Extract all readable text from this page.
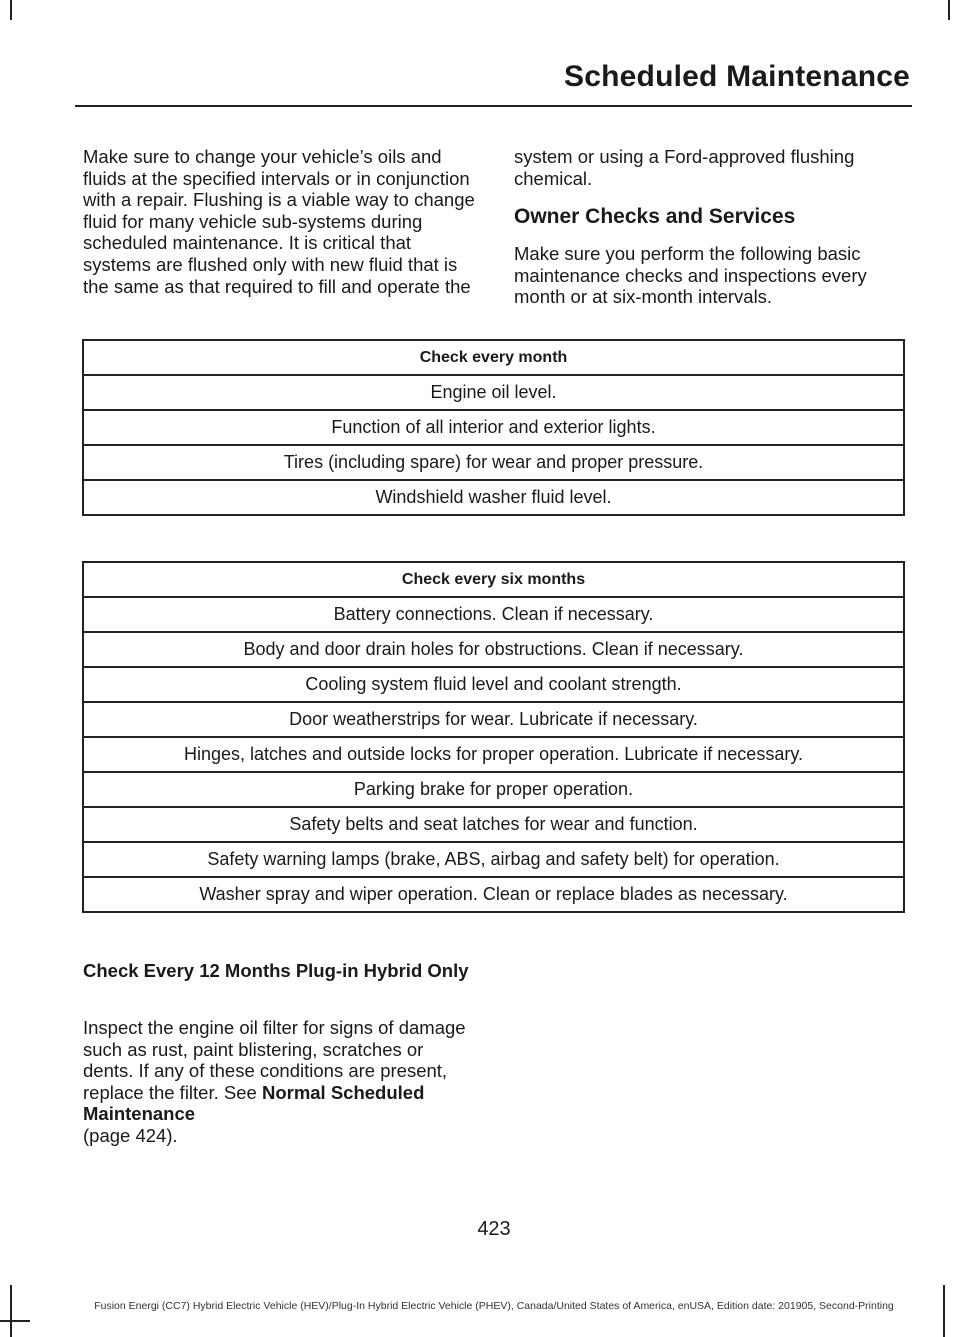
Scheduled Maintenance

Make sure to change your vehicle’s oils and fluids at the specified intervals or in conjunction with a repair. Flushing is a viable way to change fluid for many vehicle sub-systems during scheduled maintenance. It is critical that systems are flushed only with new fluid that is the same as that required to fill and operate the

system or using a Ford-approved flushing chemical.

Owner Checks and Services

Make sure you perform the following basic maintenance checks and inspections every month or at six-month intervals.

Check every month
Engine oil level.
Function of all interior and exterior lights.
Tires (including spare) for wear and proper pressure.
Windshield washer fluid level.
Check every six months
Battery connections. Clean if necessary.
Body and door drain holes for obstructions. Clean if necessary.
Cooling system fluid level and coolant strength.
Door weatherstrips for wear. Lubricate if necessary.
Hinges, latches and outside locks for proper operation. Lubricate if necessary.
Parking brake for proper operation.
Safety belts and seat latches for wear and function.
Safety warning lamps (brake, ABS, airbag and safety belt) for operation.
Washer spray and wiper operation. Clean or replace blades as necessary.
Check Every 12 Months Plug-in Hybrid Only

Inspect the engine oil filter for signs of damage such as rust, paint blistering, scratches or dents. If any of these conditions are present, replace the filter. See Normal Scheduled Maintenance
(page 424).

423
Fusion Energi (CC7) Hybrid Electric Vehicle (HEV)/Plug-In Hybrid Electric Vehicle (PHEV), Canada/United States of America, enUSA, Edition date: 201905, Second-Printing
